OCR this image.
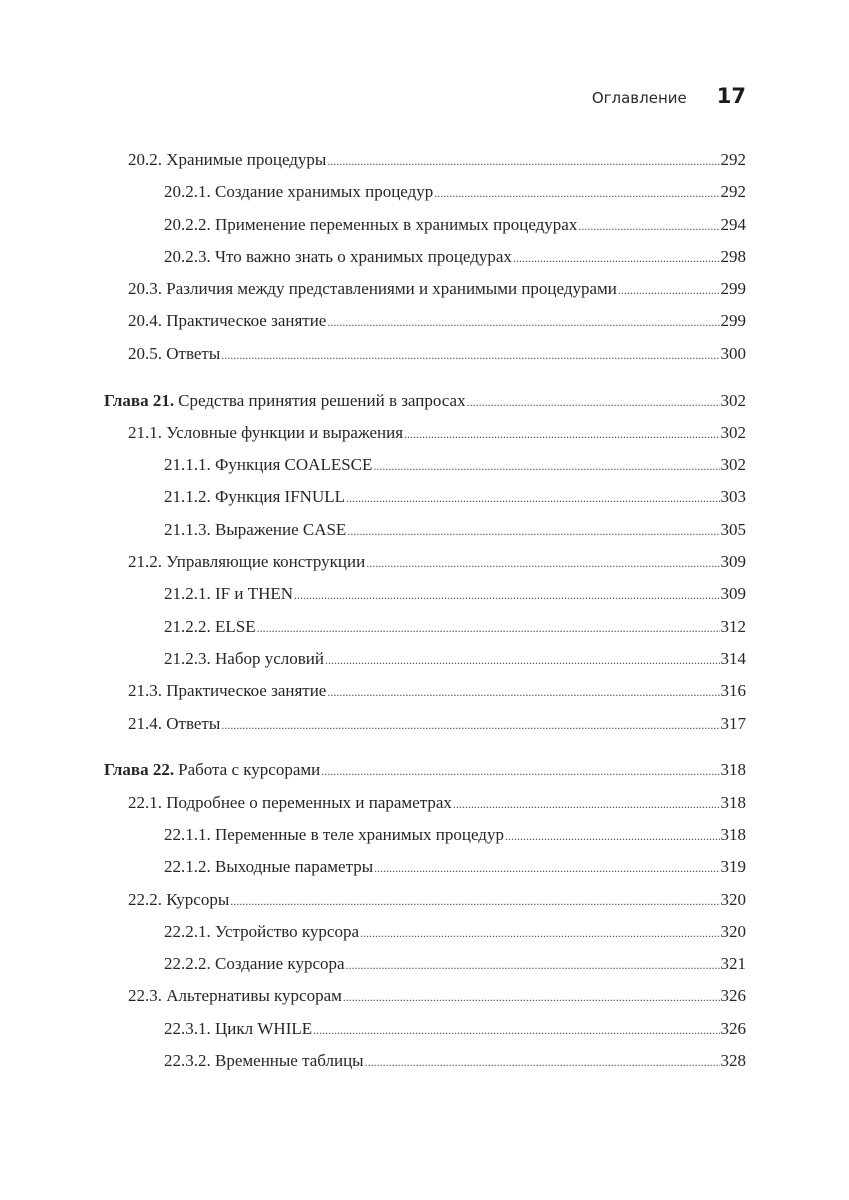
Оглавление 17
20.2. Хранимые процедуры .....	292
20.2.1. Создание хранимых процедур .....	292
20.2.2. Применение переменных в хранимых процедурах .....	294
20.2.3. Что важно знать о хранимых процедурах .....	298
20.3. Различия между представлениями и хранимыми процедурами .....	299
20.4. Практическое занятие .....	299
20.5. Ответы .....	300
Глава 21. Средства принятия решений в запросах .....	302
21.1. Условные функции и выражения .....	302
21.1.1. Функция COALESCE .....	302
21.1.2. Функция IFNULL .....	303
21.1.3. Выражение CASE .....	305
21.2. Управляющие конструкции .....	309
21.2.1. IF и THEN .....	309
21.2.2. ELSE .....	312
21.2.3. Набор условий .....	314
21.3. Практическое занятие .....	316
21.4. Ответы .....	317
Глава 22. Работа с курсорами .....	318
22.1. Подробнее о переменных и параметрах .....	318
22.1.1. Переменные в теле хранимых процедур .....	318
22.1.2. Выходные параметры .....	319
22.2. Курсоры .....	320
22.2.1. Устройство курсора .....	320
22.2.2. Создание курсора .....	321
22.3. Альтернативы курсорам .....	326
22.3.1. Цикл WHILE .....	326
22.3.2. Временные таблицы .....	328
